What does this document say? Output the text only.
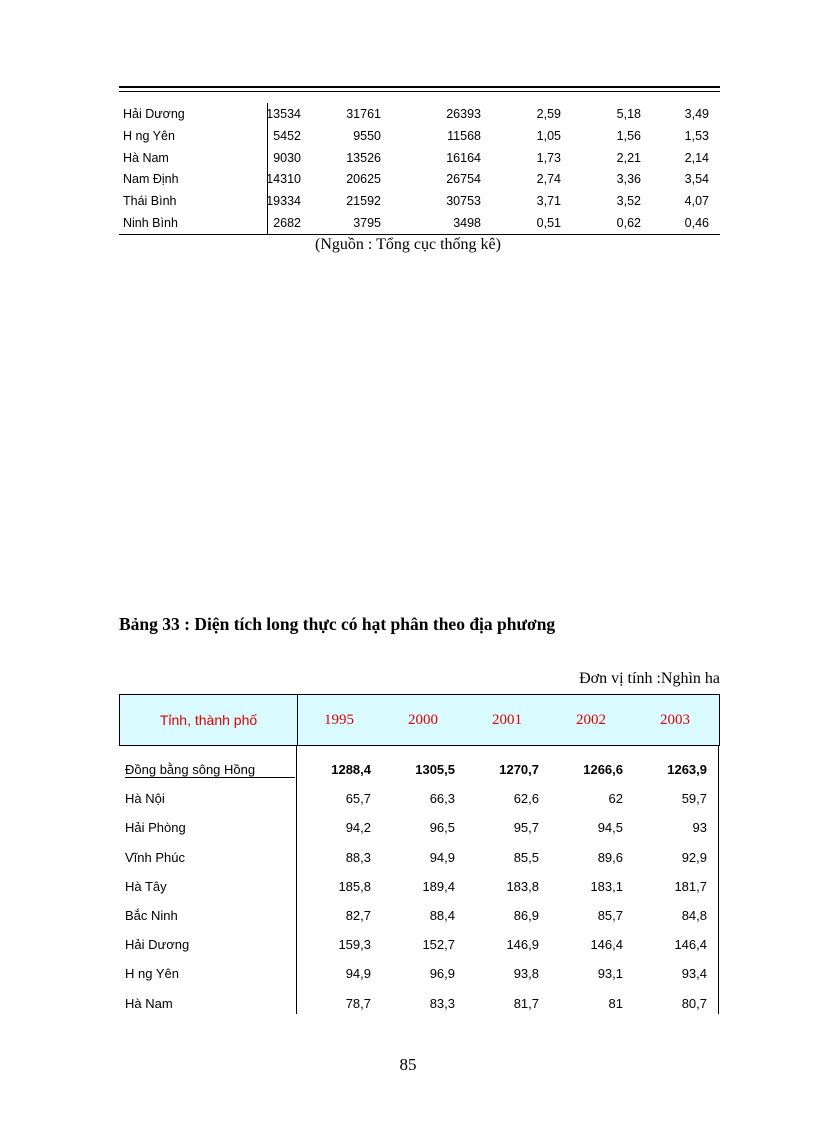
Hải Dương	13534	31761	26393	2,59	5,18	3,49
H ng Yên	5452	9550	11568	1,05	1,56	1,53
Hà Nam	9030	13526	16164	1,73	2,21	2,14
Nam Định	14310	20625	26754	2,74	3,36	3,54
Thái Bình	19334	21592	30753	3,71	3,52	4,07
Ninh Bình	2682	3795	3498	0,51	0,62	0,46
(Nguồn : Tổng cục thống kê)
Bảng 33 : Diện tích long thực có hạt phân theo địa phương
Đơn vị tính :Nghìn ha
Tỉnh, thành phố	1995	2000	2001	2002	2003
Đồng bằng sông Hồng	1288,4	1305,5	1270,7	1266,6	1263,9
Hà Nội	65,7	66,3	62,6	62	59,7
Hải Phòng	94,2	96,5	95,7	94,5	93
Vĩnh Phúc	88,3	94,9	85,5	89,6	92,9
Hà Tây	185,8	189,4	183,8	183,1	181,7
Bắc Ninh	82,7	88,4	86,9	85,7	84,8
Hải Dương	159,3	152,7	146,9	146,4	146,4
H ng Yên	94,9	96,9	93,8	93,1	93,4
Hà Nam	78,7	83,3	81,7	81	80,7
85
